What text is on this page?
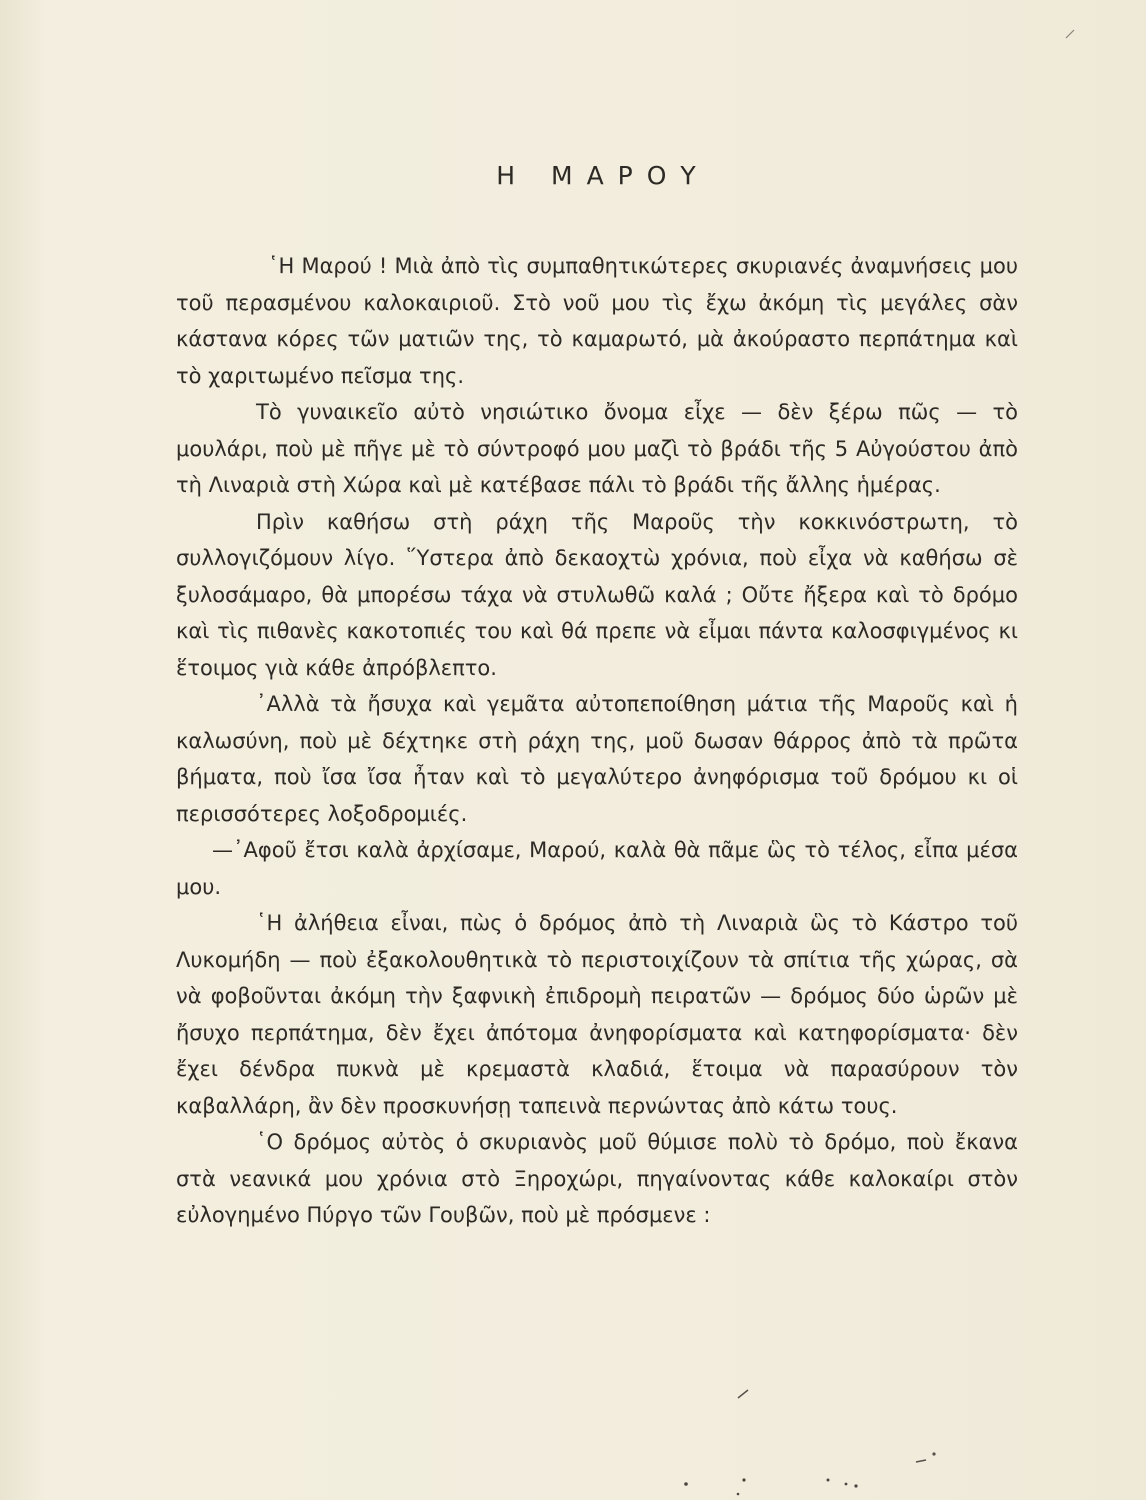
Η ΜΑΡΟΥ

῾Η Μαρού ! Μιὰ ἀπὸ τὶς συμπαθητικώτερες σκυριανές ἀναμνήσεις μου τοῦ περασμένου καλοκαιριοῦ. Στὸ νοῦ μου τὶς ἔχω ἀκόμη τὶς μεγάλες σὰν κάστανα κόρες τῶν ματιῶν της, τὸ καμαρωτό, μὰ ἀκούραστο περπάτημα καὶ τὸ χαριτωμένο πεῖσμα της.

Τὸ γυναικεῖο αὐτὸ νησιώτικο ὄνομα εἶχε — δὲν ξέρω πῶς — τὸ μουλάρι, ποὺ μὲ πῆγε μὲ τὸ σύντροφό μου μαζὶ τὸ βράδι τῆς 5 Αὐγούστου ἀπὸ τὴ Λιναριὰ στὴ Χώρα καὶ μὲ κατέβασε πάλι τὸ βράδι τῆς ἄλλης ἡμέρας.

Πρὶν καθήσω στὴ ράχη τῆς Μαροῦς τὴν κοκκινόστρωτη, τὸ συλλογιζόμουν λίγο. ῞Υστερα ἀπὸ δεκαοχτὼ χρόνια, ποὺ εἶχα νὰ καθήσω σὲ ξυλοσάμαρο, θὰ μπορέσω τάχα νὰ στυλωθῶ καλά ; Οὔτε ἤξερα καὶ τὸ δρόμο καὶ τὶς πιθανὲς κακοτοπιές του καὶ θά πρεπε νὰ εἶμαι πάντα καλοσφιγμένος κι ἕτοιμος γιὰ κάθε ἀπρόβλεπτο.

᾿Αλλὰ τὰ ἤσυχα καὶ γεμᾶτα αὐτοπεποίθηση μάτια τῆς Μαροῦς καὶ ἡ καλωσύνη, ποὺ μὲ δέχτηκε στὴ ράχη της, μοῦ δωσαν θάρρος ἀπὸ τὰ πρῶτα βήματα, ποὺ ἴσα ἴσα ἦταν καὶ τὸ μεγαλύτερο ἀνηφόρισμα τοῦ δρόμου κι οἱ περισσότερες λοξοδρομιές.

—᾿Αφοῦ ἔτσι καλὰ ἀρχίσαμε, Μαρού, καλὰ θὰ πᾶμε ὣς τὸ τέλος, εἶπα μέσα μου.

῾Η ἀλήθεια εἶναι, πὼς ὁ δρόμος ἀπὸ τὴ Λιναριὰ ὣς τὸ Κάστρο τοῦ Λυκομήδη — ποὺ ἐξακολουθητικὰ τὸ περιστοιχίζουν τὰ σπίτια τῆς χώρας, σὰ νὰ φοβοῦνται ἀκόμη τὴν ξαφνικὴ ἐπιδρομὴ πειρατῶν — δρόμος δύο ὡρῶν μὲ ἤσυχο περπάτημα, δὲν ἔχει ἀπότομα ἀνηφορίσματα καὶ κατηφορίσματα· δὲν ἔχει δένδρα πυκνὰ μὲ κρεμαστὰ κλαδιά, ἕτοιμα νὰ παρασύρουν τὸν καβαλλάρη, ἂν δὲν προσκυνήσῃ ταπεινὰ περνώντας ἀπὸ κάτω τους.

῾Ο δρόμος αὐτὸς ὁ σκυριανὸς μοῦ θύμισε πολὺ τὸ δρόμο, ποὺ ἔκανα στὰ νεανικά μου χρόνια στὸ Ξηροχώρι, πηγαίνοντας κάθε καλοκαίρι στὸν εὐλογημένο Πύργο τῶν Γουβῶν, ποὺ μὲ πρόσμενε :
